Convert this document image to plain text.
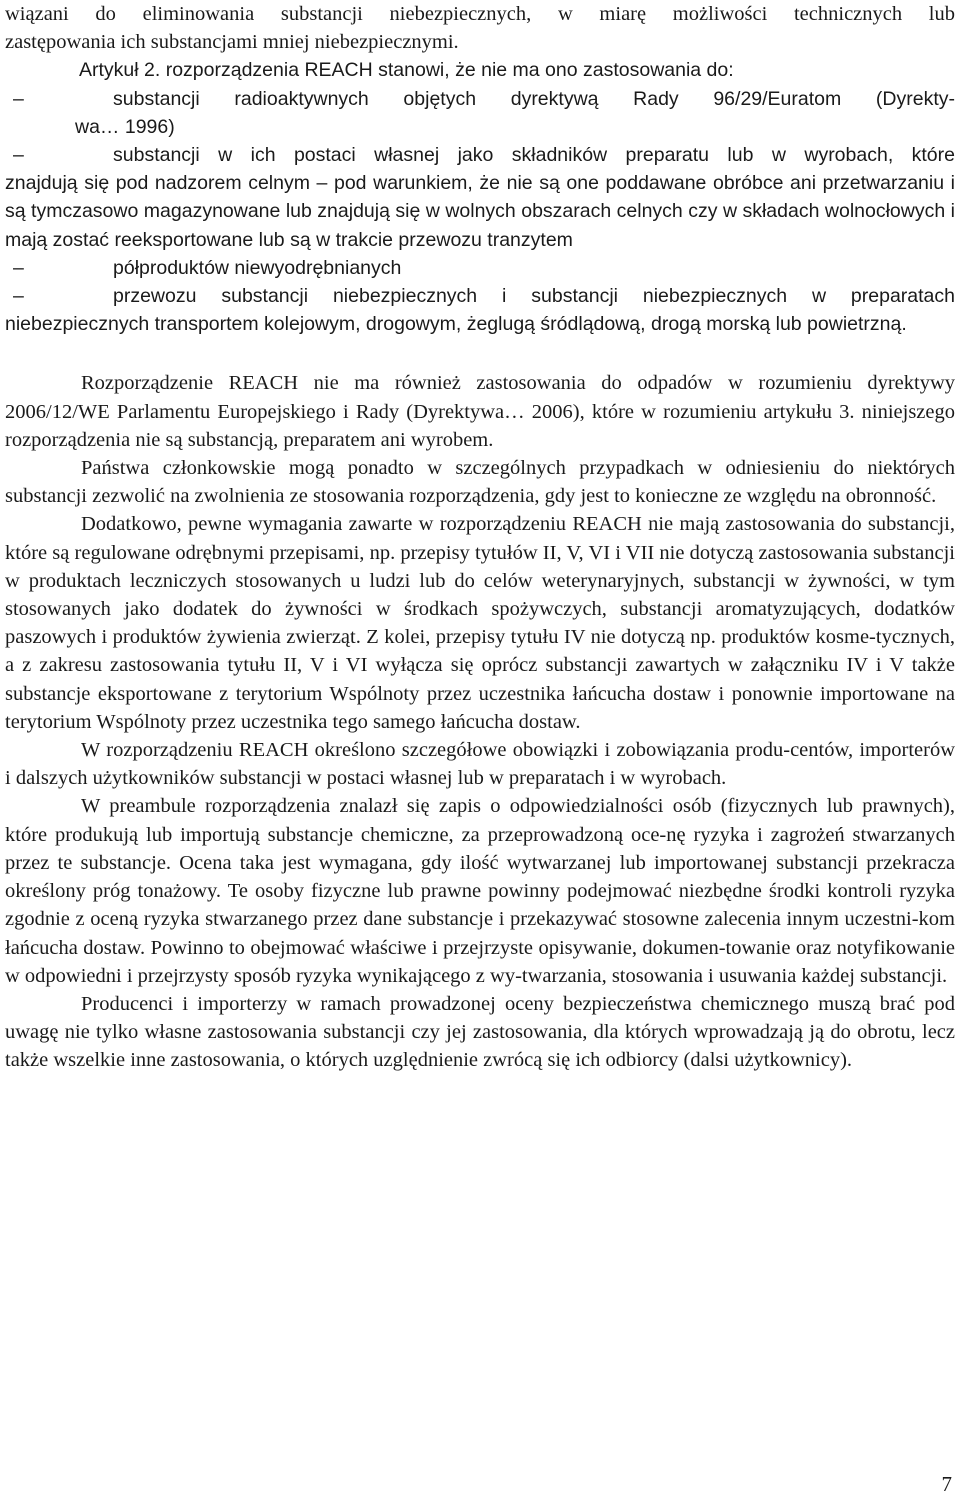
wiązani do eliminowania substancji niebezpiecznych, w miarę możliwości technicznych lub

zastępowania ich substancjami mniej niebezpiecznymi.

Artykuł 2. rozporządzenia REACH stanowi, że nie ma ono zastosowania do:

–	substancji radioaktywnych objętych dyrektywą Rady 96/29/Euratom (Dyrekty-

wa… 1996)

–	substancji w ich postaci własnej jako składników preparatu lub w wyrobach, które

znajdują się pod nadzorem celnym – pod warunkiem, że nie są one poddawane obróbce ani przetwarzaniu i są tymczasowo magazynowane lub znajdują się w wolnych obszarach celnych czy w składach wolnocłowych i mają zostać reeksportowane lub są w trakcie przewozu tranzytem

–	półproduktów niewyodrębnianych
–	przewozu substancji niebezpiecznych i substancji niebezpiecznych w preparatach

niebezpiecznych transportem kolejowym, drogowym, żeglugą śródlądową, drogą morską lub powietrzną.

Rozporządzenie REACH nie ma również zastosowania do odpadów w rozumieniu dyrektywy 2006/12/WE Parlamentu Europejskiego i Rady (Dyrektywa… 2006), które w rozumieniu artykułu 3. niniejszego rozporządzenia nie są substancją, preparatem ani wyrobem.

Państwa członkowskie mogą ponadto w szczególnych przypadkach w odniesieniu do niektórych substancji zezwolić na zwolnienia ze stosowania rozporządzenia, gdy jest to konieczne ze względu na obronność.

Dodatkowo, pewne wymagania zawarte w rozporządzeniu REACH nie mają zastosowania do substancji, które są regulowane odrębnymi przepisami, np. przepisy tytułów II, V, VI i VII nie dotyczą zastosowania substancji w produktach leczniczych stosowanych u ludzi lub do celów weterynaryjnych, substancji w żywności, w tym stosowanych jako dodatek do żywności w środkach spożywczych, substancji aromatyzujących, dodatków paszowych i produktów żywienia zwierząt. Z kolei, przepisy tytułu IV nie dotyczą np. produktów kosme-tycznych, a z zakresu zastosowania tytułu II, V i VI wyłącza się oprócz substancji zawartych w załączniku IV i V także substancje eksportowane z terytorium Wspólnoty przez uczestnika łańcucha dostaw i ponownie importowane na terytorium Wspólnoty przez uczestnika tego samego łańcucha dostaw.

W rozporządzeniu REACH określono szczegółowe obowiązki i zobowiązania produ-centów, importerów i dalszych użytkowników substancji w postaci własnej lub w preparatach i w wyrobach.

W preambule rozporządzenia znalazł się zapis o odpowiedzialności osób (fizycznych lub prawnych), które produkują lub importują substancje chemiczne, za przeprowadzoną oce-nę ryzyka i zagrożeń stwarzanych przez te substancje. Ocena taka jest wymagana, gdy ilość wytwarzanej lub importowanej substancji przekracza określony próg tonażowy. Te osoby fizyczne lub prawne powinny podejmować niezbędne środki kontroli ryzyka zgodnie z oceną ryzyka stwarzanego przez dane substancje i przekazywać stosowne zalecenia innym uczestni-kom łańcucha dostaw. Powinno to obejmować właściwe i przejrzyste opisywanie, dokumen-towanie oraz notyfikowanie w odpowiedni i przejrzysty sposób ryzyka wynikającego z wy-twarzania, stosowania i usuwania każdej substancji.

Producenci i importerzy w ramach prowadzonej oceny bezpieczeństwa chemicznego muszą brać pod uwagę nie tylko własne zastosowania substancji czy jej zastosowania, dla których wprowadzają ją do obrotu, lecz także wszelkie inne zastosowania, o których uzględnienie zwrócą się ich odbiorcy (dalsi użytkownicy).

7
